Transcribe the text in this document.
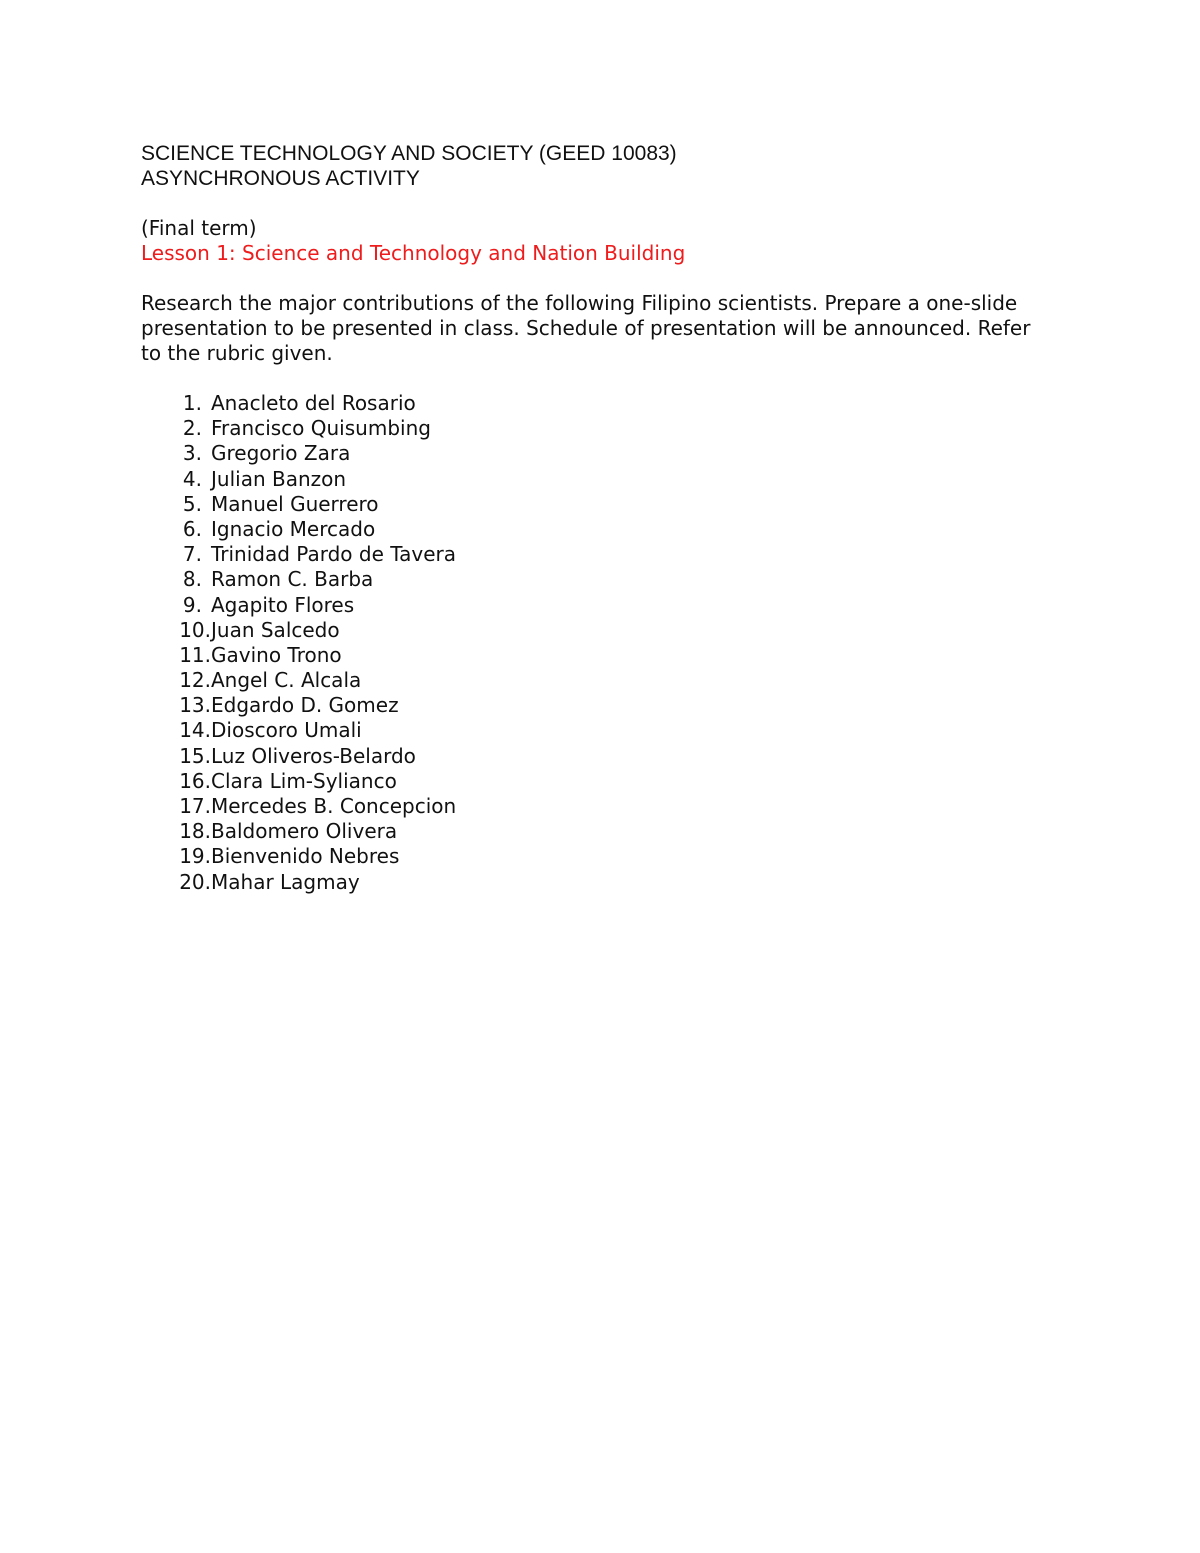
SCIENCE TECHNOLOGY AND SOCIETY (GEED 10083)

ASYNCHRONOUS ACTIVITY

(Final term)

Lesson 1: Science and Technology and Nation Building

Research the major contributions of the following Filipino scientists. Prepare a one-slide presentation to be presented in class. Schedule of presentation will be announced. Refer to the rubric given.

1. Anacleto del Rosario
2. Francisco Quisumbing
3. Gregorio Zara
4. Julian Banzon
5. Manuel Guerrero
6. Ignacio Mercado
7. Trinidad Pardo de Tavera
8. Ramon C. Barba
9. Agapito Flores
10. Juan Salcedo
11. Gavino Trono
12. Angel C. Alcala
13. Edgardo D. Gomez
14. Dioscoro Umali
15. Luz Oliveros-Belardo
16. Clara Lim-Sylianco
17. Mercedes B. Concepcion
18. Baldomero Olivera
19. Bienvenido Nebres
20. Mahar Lagmay
